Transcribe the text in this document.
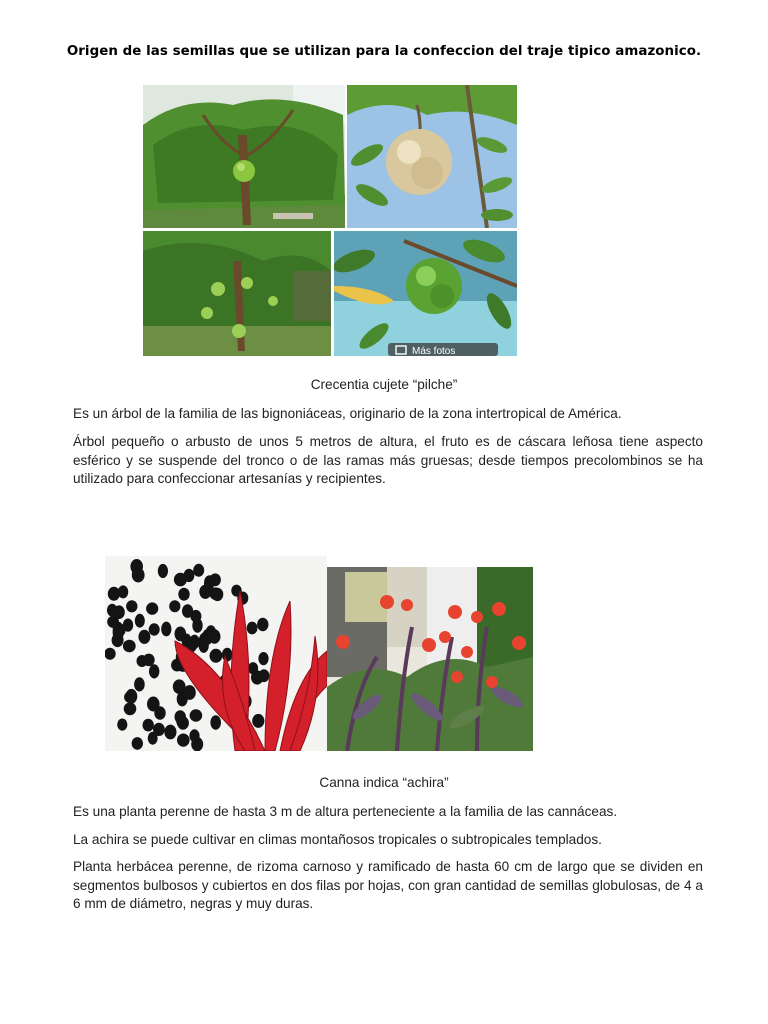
Origen de las semillas que se utilizan para la confeccion del traje tipico amazonico.
Más fotos
Crecentia cujete “pilche”

Es un árbol de la familia de las bignoniáceas, originario de la zona intertropical de América.

Árbol pequeño o arbusto de unos 5 metros de altura, el fruto es de cáscara leñosa tiene aspecto esférico y se suspende del tronco o de las ramas más gruesas; desde tiempos precolombinos se ha utilizado para confeccionar artesanías y recipientes.

Canna indica “achira”

Es una planta perenne de hasta 3 m de altura perteneciente a la familia de las cannáceas.

La achira se puede cultivar en climas montañosos tropicales o subtropicales templados.

Planta herbácea perenne, de rizoma carnoso y ramificado de hasta 60 cm de largo que se dividen en segmentos bulbosos y cubiertos en dos filas por hojas, con gran cantidad de semillas globulosas, de 4 a 6 mm de diámetro, negras y muy duras.
